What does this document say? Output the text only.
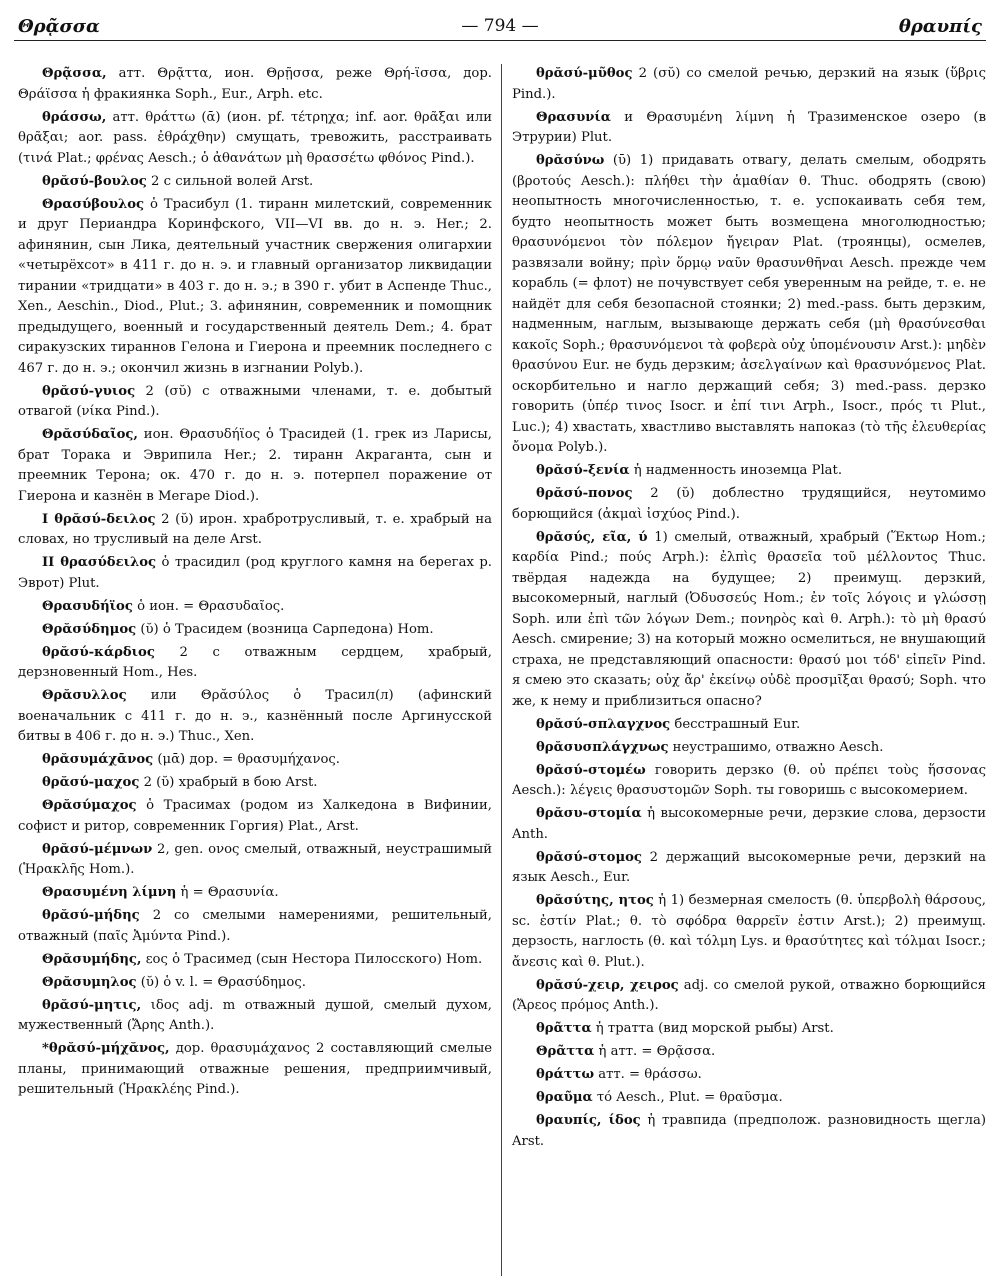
Θρᾷσσα	— 794 —	θραυπίς

Θρᾷσσα, атт. Θρᾷττα, ион. Θρῇσσα, реже Θρή-ϊσσα, дор. Θράϊσσα ἡ фракиянка Soph., Eur., Arph. etc.

θράσσω, атт. θράττω (ᾱ) (ион. pf. τέτρηχα; inf. aor. θρᾶξαι или θρᾶξαι; aor. pass. ἐθράχθην) смущать, тревожить, расстраивать (τινά Plat.; φρένας Aesch.; ὁ ἀθανάτων μὴ θρασσέτω φθόνος Pind.).

θρᾰσύ-βουλος 2 с сильной волей Arst.

Θρασύβουλος ὁ Трасибул (1. тиранн милетский, современник и друг Периандра Коринфского, VII—VI вв. до н. э. Her.; 2. афинянин, сын Лика, деятельный участник свержения олигархии «четырёхсот» в 411 г. до н. э. и главный организатор ликвидации тирании «тридцати» в 403 г. до н. э.; в 390 г. убит в Аспенде Thuc., Xen., Aeschin., Diod., Plut.; 3. афинянин, современник и помощник предыдущего, военный и государственный деятель Dem.; 4. брат сиракузских тираннов Гелона и Гиерона и преемник последнего с 467 г. до н. э.; окончил жизнь в изгнании Polyb.).

θρᾰσύ-γυιος 2 (σῠ) с отважными членами, т. е. добытый отвагой (νίκα Pind.).

Θρᾰσύδαῖος, ион. Θρασυδήϊος ὁ Трасидей (1. грек из Ларисы, брат Торака и Эврипила Her.; 2. тиранн Акраганта, сын и преемник Терона; ок. 470 г. до н. э. потерпел поражение от Гиерона и казнён в Мегаре Diod.).

I θρᾰσύ-δειλος 2 (ῠ) ирон. храбротрусливый, т. е. храбрый на словах, но трусливый на деле Arst.

II θρασύδειλος ὁ трасидил (род круглого камня на берегах р. Эврот) Plut.

Θρασυδήϊος ὁ ион. = Θρασυδαῖος.

Θρᾰσύδημος (ῠ) ὁ Трасидем (возница Сарпедона) Hom.

θρᾰσύ-κάρδιος 2 с отважным сердцем, храбрый, дерзновенный Hom., Hes.

Θρᾰσυλλος или Θρᾰσύλος ὁ Трасил(л) (афинский военачальник с 411 г. до н. э., казнённый после Аргинусской битвы в 406 г. до н. э.) Thuc., Xen.

θρᾰσυμάχᾱνος (μᾱ) дор. = θρασυμήχανος.

θρᾰσύ-μαχος 2 (ῠ) храбрый в бою Arst.

Θρᾰσύμαχος ὁ Трасимах (родом из Халкедона в Вифинии, софист и ритор, современник Горгия) Plat., Arst.

θρᾰσύ-μέμνων 2, gen. ονος смелый, отважный, неустрашимый (Ἡρακλῆς Hom.).

Θρασυμένη λίμνη ἡ = Θρασυνία.

θρᾰσύ-μήδης 2 со смелыми намерениями, решительный, отважный (παῖς Ἀμύντα Pind.).

Θρᾰσυμήδης, εος ὁ Трасимед (сын Нестора Пилосского) Hom.

Θρᾰσυμηλος (ῠ) ὁ v. l. = Θρασύδημος.

θρᾰσύ-μητις, ιδος adj. m отважный душой, смелый духом, мужественный (Ἄρης Anth.).

*θρᾰσύ-μήχᾰνος, дор. θρασυμάχανος 2 составляющий смелые планы, принимающий отважные решения, предприимчивый, решительный (Ἡρακλέης Pind.).

θρᾰσύ-μῦθος 2 (σῠ) со смелой речью, дерзкий на язык (ὕβρις Pind.).

Θρασυνία и Θρασυμένη λίμνη ἡ Тразименское озеро (в Этрурии) Plut.

θρᾰσύνω (ῡ) 1) придавать отвагу, делать смелым, ободрять (βροτούς Aesch.): πλήθει τὴν ἀμαθίαν θ. Thuc. ободрять (свою) неопытность многочисленностью, т. е. успокаивать себя тем, будто неопытность может быть возмещена многолюдностью; θρασυνόμενοι τὸν πόλεμον ἤγειραν Plat. (троянцы), осмелев, развязали войну; πρὶν ὅρμῳ ναῦν θρασυνθῆναι Aesch. прежде чем корабль (= флот) не почувствует себя уверенным на рейде, т. е. не найдёт для себя безопасной стоянки; 2) med.-pass. быть дерзким, надменным, наглым, вызывающе держать себя (μὴ θρασύνεσθαι κακοῖς Soph.; θρασυνόμενοι τὰ φοβερὰ οὐχ ὑπομένουσιν Arst.): μηδὲν θρασύνου Eur. не будь дерзким; ἀσελγαίνων καὶ θρασυνόμενος Plat. оскорбительно и нагло держащий себя; 3) med.-pass. дерзко говорить (ὑπέρ τινος Isocr. и ἐπί τινι Arph., Isocr., πρός τι Plut., Luc.); 4) хвастать, хвастливо выставлять напоказ (τὸ τῆς ἐλευθερίας ὄνομα Polyb.).

θρᾰσύ-ξενία ἡ надменность иноземца Plat.

θρᾰσύ-πονος 2 (ῠ) доблестно трудящийся, неутомимо борющийся (ἀκμαὶ ἰσχύος Pind.).

θρᾰσύς, εῖα, ύ 1) смелый, отважный, храбрый (Ἕκτωρ Hom.; καρδία Pind.; πούς Arph.): ἐλπὶς θρασεῖα τοῦ μέλλοντος Thuc. твёрдая надежда на будущее; 2) преимущ. дерзкий, высокомерный, наглый (Ὀδυσσεύς Hom.; ἐν τοῖς λόγοις и γλώσσῃ Soph. или ἐπὶ τῶν λόγων Dem.; πονηρὸς καὶ θ. Arph.): τὸ μὴ θρασύ Aesch. смирение; 3) на который можно осмелиться, не внушающий страха, не представляющий опасности: θρασύ μοι τόδ' εἰπεῖν Pind. я смею это сказать; οὐχ ἄρ' ἐκείνῳ οὐδὲ προσμῖξαι θρασύ; Soph. что же, к нему и приблизиться опасно?

θρᾰσύ-σπλαγχνος бесстрашный Eur.

θρᾰσυσπλάγχνως неустрашимо, отважно Aesch.

θρᾰσύ-στομέω говорить дерзко (θ. οὐ πρέπει τοὺς ἥσσονας Aesch.): λέγεις θρασυστομῶν Soph. ты говоришь с высокомерием.

θρᾰσυ-στομία ἡ высокомерные речи, дерзкие слова, дерзости Anth.

θρᾰσύ-στομος 2 держащий высокомерные речи, дерзкий на язык Aesch., Eur.

θρᾰσύτης, ητος ἡ 1) безмерная смелость (θ. ὑπερβολὴ θάρσους, sc. ἐστίν Plat.; θ. τὸ σφόδρα θαρρεῖν ἐστιν Arst.); 2) преимущ. дерзость, наглость (θ. καὶ τόλμη Lys. и θρασύτητες καὶ τόλμαι Isocr.; ἄνεσις καὶ θ. Plut.).

θρᾰσύ-χειρ, χειρος adj. со смелой рукой, отважно борющийся (Ἄρεος πρόμος Anth.).

θρᾶττα ἡ тратта (вид морской рыбы) Arst.

Θρᾶττα ἡ атт. = Θρᾷσσα.

θράττω атт. = θράσσω.

θραῦμα τό Aesch., Plut. = θραῦσμα.

θραυπίς, ίδος ἡ травпида (предполож. разновидность щегла) Arst.
